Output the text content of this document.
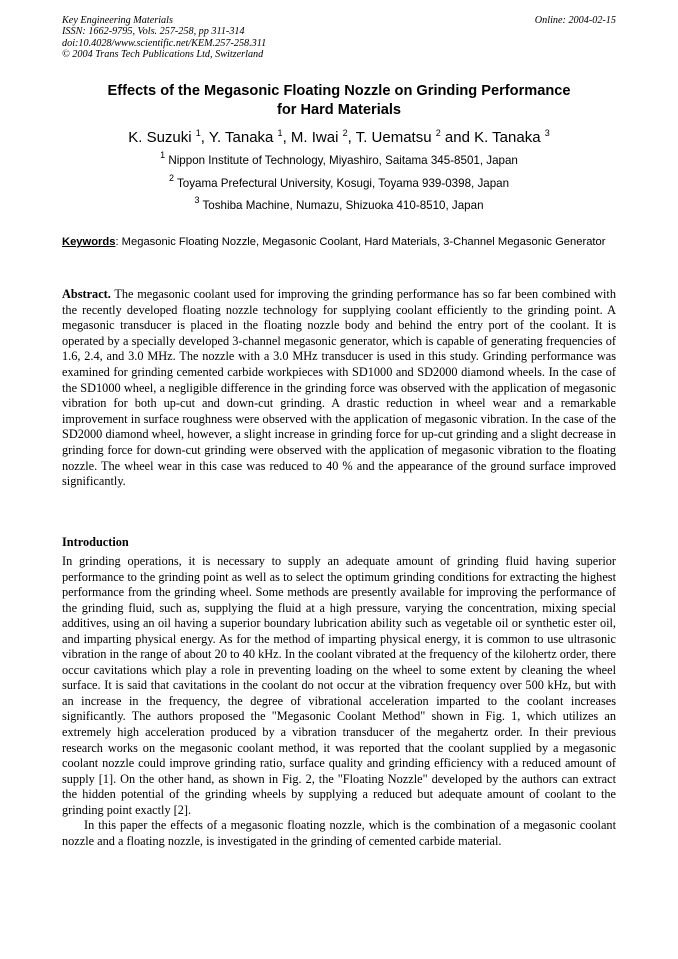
Key Engineering Materials
ISSN: 1662-9795, Vols. 257-258, pp 311-314
doi:10.4028/www.scientific.net/KEM.257-258.311
© 2004 Trans Tech Publications Ltd, Switzerland
Online: 2004-02-15
Effects of the Megasonic Floating Nozzle on Grinding Performance
for Hard Materials
K. Suzuki $^1$, Y. Tanaka $^1$, M. Iwai $^2$, T. Uematsu $^2$ and K. Tanaka $^3$
$^1$ Nippon Institute of Technology, Miyashiro, Saitama 345-8501, Japan
$^2$ Toyama Prefectural University, Kosugi, Toyama 939-0398, Japan
$^3$ Toshiba Machine, Numazu, Shizuoka 410-8510, Japan
Keywords: Megasonic Floating Nozzle, Megasonic Coolant, Hard Materials, 3-Channel Megasonic Generator
Abstract. The megasonic coolant used for improving the grinding performance has so far been combined with the recently developed floating nozzle technology for supplying coolant efficiently to the grinding point. A megasonic transducer is placed in the floating nozzle body and behind the entry port of the coolant. It is operated by a specially developed 3-channel megasonic generator, which is capable of generating frequencies of 1.6, 2.4, and 3.0 MHz. The nozzle with a 3.0 MHz transducer is used in this study. Grinding performance was examined for grinding cemented carbide workpieces with SD1000 and SD2000 diamond wheels. In the case of the SD1000 wheel, a negligible difference in the grinding force was observed with the application of megasonic vibration for both up-cut and down-cut grinding. A drastic reduction in wheel wear and a remarkable improvement in surface roughness were observed with the application of megasonic vibration. In the case of the SD2000 diamond wheel, however, a slight increase in grinding force for up-cut grinding and a slight decrease in grinding force for down-cut grinding were observed with the application of megasonic vibration to the floating nozzle. The wheel wear in this case was reduced to 40 % and the appearance of the ground surface improved significantly.
Introduction

In grinding operations, it is necessary to supply an adequate amount of grinding fluid having superior performance to the grinding point as well as to select the optimum grinding conditions for extracting the highest performance from the grinding wheel. Some methods are presently available for improving the performance of the grinding fluid, such as, supplying the fluid at a high pressure, varying the concentration, mixing special additives, using an oil having a superior boundary lubrication ability such as vegetable oil or synthetic ester oil, and imparting physical energy. As for the method of imparting physical energy, it is common to use ultrasonic vibration in the range of about 20 to 40 kHz. In the coolant vibrated at the frequency of the kilohertz order, there occur cavitations which play a role in preventing loading on the wheel to some extent by cleaning the wheel surface. It is said that cavitations in the coolant do not occur at the vibration frequency over 500 kHz, but with an increase in the frequency, the degree of vibrational acceleration imparted to the coolant increases significantly. The authors proposed the "Megasonic Coolant Method" shown in Fig. 1, which utilizes an extremely high acceleration produced by a vibration transducer of the megahertz order. In their previous research works on the megasonic coolant method, it was reported that the coolant supplied by a megasonic coolant nozzle could improve grinding ratio, surface quality and grinding efficiency with a reduced amount of supply [1]. On the other hand, as shown in Fig. 2, the "Floating Nozzle" developed by the authors can extract the hidden potential of the grinding wheels by supplying a reduced but adequate amount of coolant to the grinding point exactly [2].

In this paper the effects of a megasonic floating nozzle, which is the combination of a megasonic coolant nozzle and a floating nozzle, is investigated in the grinding of cemented carbide material.
